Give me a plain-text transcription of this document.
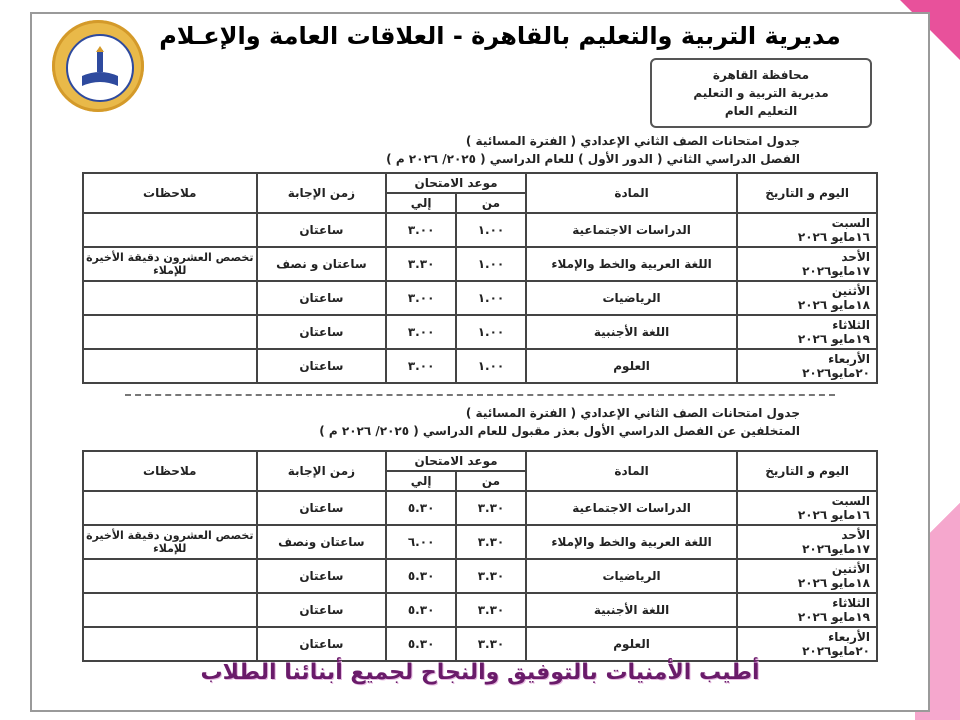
مديرية التربية والتعليم بالقاهرة - العلاقات العامة والإعـلام
محافظة القاهرة
مديرية التربية و التعليم
التعليم العام
جدول امتحانات الصف الثاني الإعدادي ( الفترة المسائية )
الفصل الدراسي الثاني ( الدور الأول ) للعام الدراسي ( ٢٠٢٥/ ٢٠٢٦ م )
اليوم و التاريخ	المادة	موعد الامتحان		زمن الإجابة	ملاحظات
		من	إلي		

السبت
١٦مايو ٢٠٢٦	الدراسات الاجتماعية	١.٠٠	٣.٠٠	ساعتان	

الأحد
١٧مايو٢٠٢٦	اللغة العربية والخط والإملاء	١.٠٠	٣.٣٠	ساعتان و نصف	تخصص العشرون دقيقة الأخيرة للإملاء

الأثنين
١٨مايو ٢٠٢٦	الرياضيات	١.٠٠	٣.٠٠	ساعتان	

الثلاثاء
١٩مايو ٢٠٢٦	اللغة الأجنبية	١.٠٠	٣.٠٠	ساعتان	

الأربعاء
٢٠مايو٢٠٢٦	العلوم	١.٠٠	٣.٠٠	ساعتان	
جدول امتحانات الصف الثاني الإعدادي ( الفترة المسائية )
المتخلفين عن الفصل الدراسي الأول بعذر مقبول للعام الدراسي ( ٢٠٢٥/ ٢٠٢٦ م )
اليوم و التاريخ	المادة	موعد الامتحان		زمن الإجابة	ملاحظات
		من	إلي		

السبت
١٦مايو ٢٠٢٦	الدراسات الاجتماعية	٣.٣٠	٥.٣٠	ساعتان	

الأحد
١٧مايو٢٠٢٦	اللغة العربية والخط والإملاء	٣.٣٠	٦.٠٠	ساعتان ونصف	تخصص العشرون دقيقة الأخيرة للإملاء

الأثنين
١٨مايو ٢٠٢٦	الرياضيات	٣.٣٠	٥.٣٠	ساعتان	

الثلاثاء
١٩مايو ٢٠٢٦	اللغة الأجنبية	٣.٣٠	٥.٣٠	ساعتان	

الأربعاء
٢٠مايو٢٠٢٦	العلوم	٣.٣٠	٥.٣٠	ساعتان	
أطيب الأمنيات بالتوفيق والنجاح لجميع أبنائنا الطلاب
